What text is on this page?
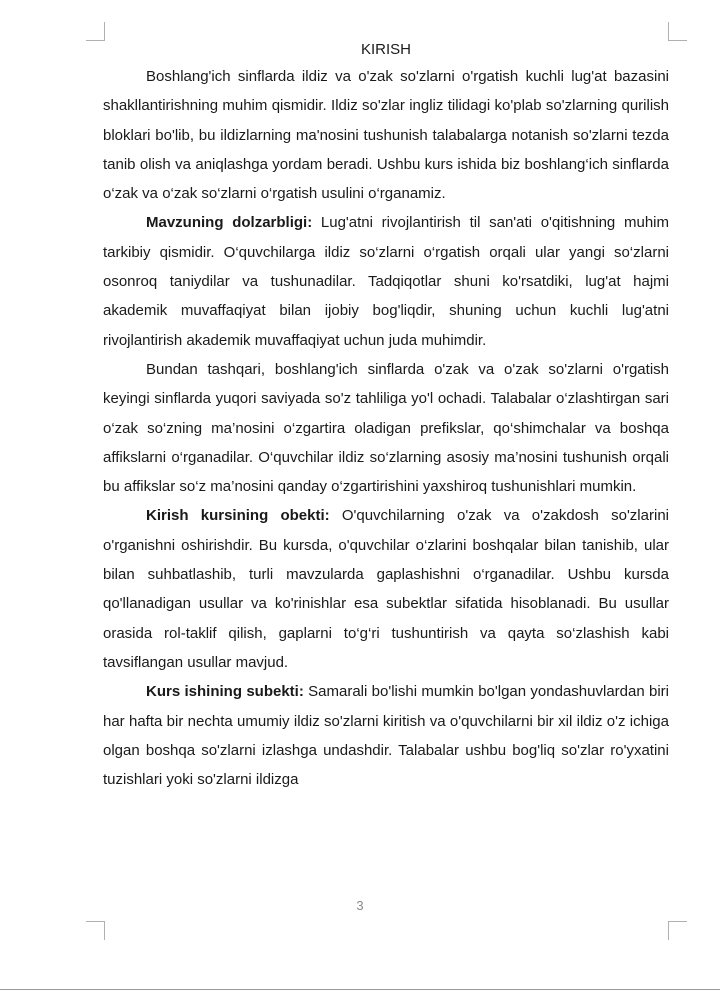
KIRISH

Boshlang'ich sinflarda ildiz va o'zak so'zlarni o'rgatish kuchli lug'at bazasini shakllantirishning muhim qismidir. Ildiz so'zlar ingliz tilidagi ko'plab so'zlarning qurilish bloklari bo'lib, bu ildizlarning ma'nosini tushunish talabalarga notanish so'zlarni tezda tanib olish va aniqlashga yordam beradi. Ushbu kurs ishida biz boshlang‘ich sinflarda o‘zak va o‘zak so‘zlarni o‘rgatish usulini o‘rganamiz.

Mavzuning dolzarbligi: Lug'atni rivojlantirish til san'ati o'qitishning muhim tarkibiy qismidir. O‘quvchilarga ildiz so‘zlarni o‘rgatish orqali ular yangi so‘zlarni osonroq taniydilar va tushunadilar. Tadqiqotlar shuni ko'rsatdiki, lug'at hajmi akademik muvaffaqiyat bilan ijobiy bog'liqdir, shuning uchun kuchli lug'atni rivojlantirish akademik muvaffaqiyat uchun juda muhimdir.

Bundan tashqari, boshlang'ich sinflarda o'zak va o'zak so'zlarni o'rgatish keyingi sinflarda yuqori saviyada so'z tahliliga yo'l ochadi. Talabalar o‘zlashtirgan sari o‘zak so‘zning ma’nosini o‘zgartira oladigan prefikslar, qo‘shimchalar va boshqa affikslarni o‘rganadilar. O‘quvchilar ildiz so‘zlarning asosiy ma’nosini tushunish orqali bu affikslar so‘z ma’nosini qanday o‘zgartirishini yaxshiroq tushunishlari mumkin.

Kirish kursining obekti: O'quvchilarning o'zak va o'zakdosh so'zlarini o'rganishni oshirishdir. Bu kursda, o'quvchilar o‘zlarini boshqalar bilan tanishib, ular bilan suhbatlashib, turli mavzularda gaplashishni o‘rganadilar. Ushbu kursda qo'llanadigan usullar va ko'rinishlar esa subektlar sifatida hisoblanadi. Bu usullar orasida rol-taklif qilish, gaplarni to‘g‘ri tushuntirish va qayta so‘zlashish kabi tavsiflangan usullar mavjud.

Kurs ishining subekti: Samarali bo'lishi mumkin bo'lgan yondashuvlardan biri har hafta bir nechta umumiy ildiz so'zlarni kiritish va o'quvchilarni bir xil ildiz o'z ichiga olgan boshqa so'zlarni izlashga undashdir. Talabalar ushbu bog'liq so'zlar ro'yxatini tuzishlari yoki so'zlarni ildizga

3
